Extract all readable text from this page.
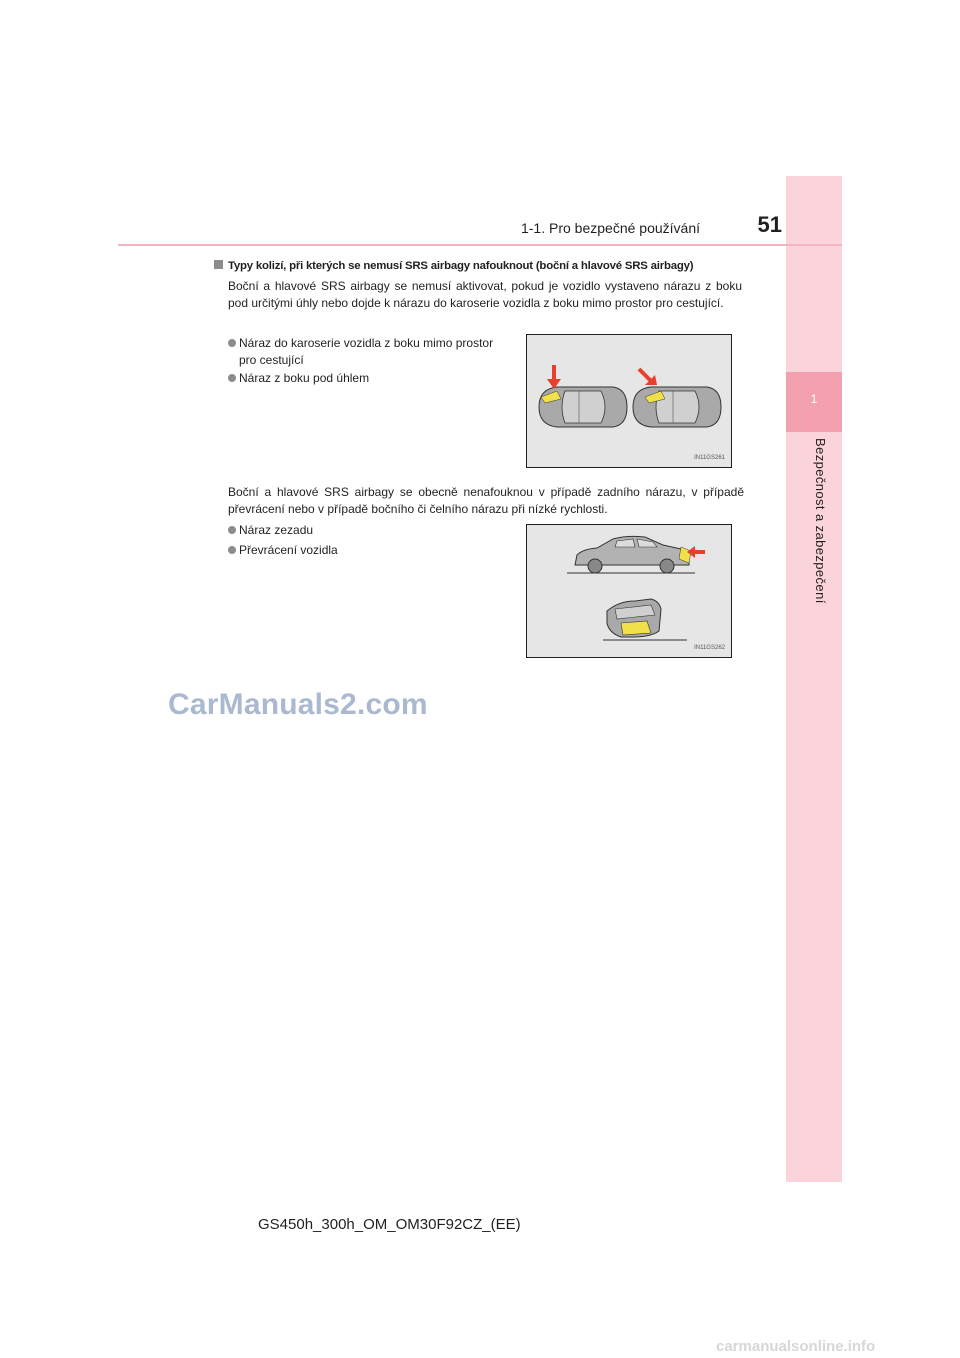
1
Bezpečnost a zabezpečení
1-1. Pro bezpečné používání	51
Typy kolizí, při kterých se nemusí SRS airbagy nafouknout (boční a hlavové SRS airbagy)
Boční a hlavové SRS airbagy se nemusí aktivovat, pokud je vozidlo vystaveno nárazu z boku pod určitými úhly nebo dojde k nárazu do karoserie vozidla z boku mimo prostor pro cestující.
Náraz do karoserie vozidla z boku mimo prostor pro cestující
Náraz z boku pod úhlem
IN11GS261
Boční a hlavové SRS airbagy se obecně nenafouknou v případě zadního nárazu, v případě převrácení nebo v případě bočního či čelního nárazu při nízké rychlosti.
Náraz zezadu
Převrácení vozidla
IN11GS262
CarManuals2.com
GS450h_300h_OM_OM30F92CZ_(EE)
carmanualsonline.info
